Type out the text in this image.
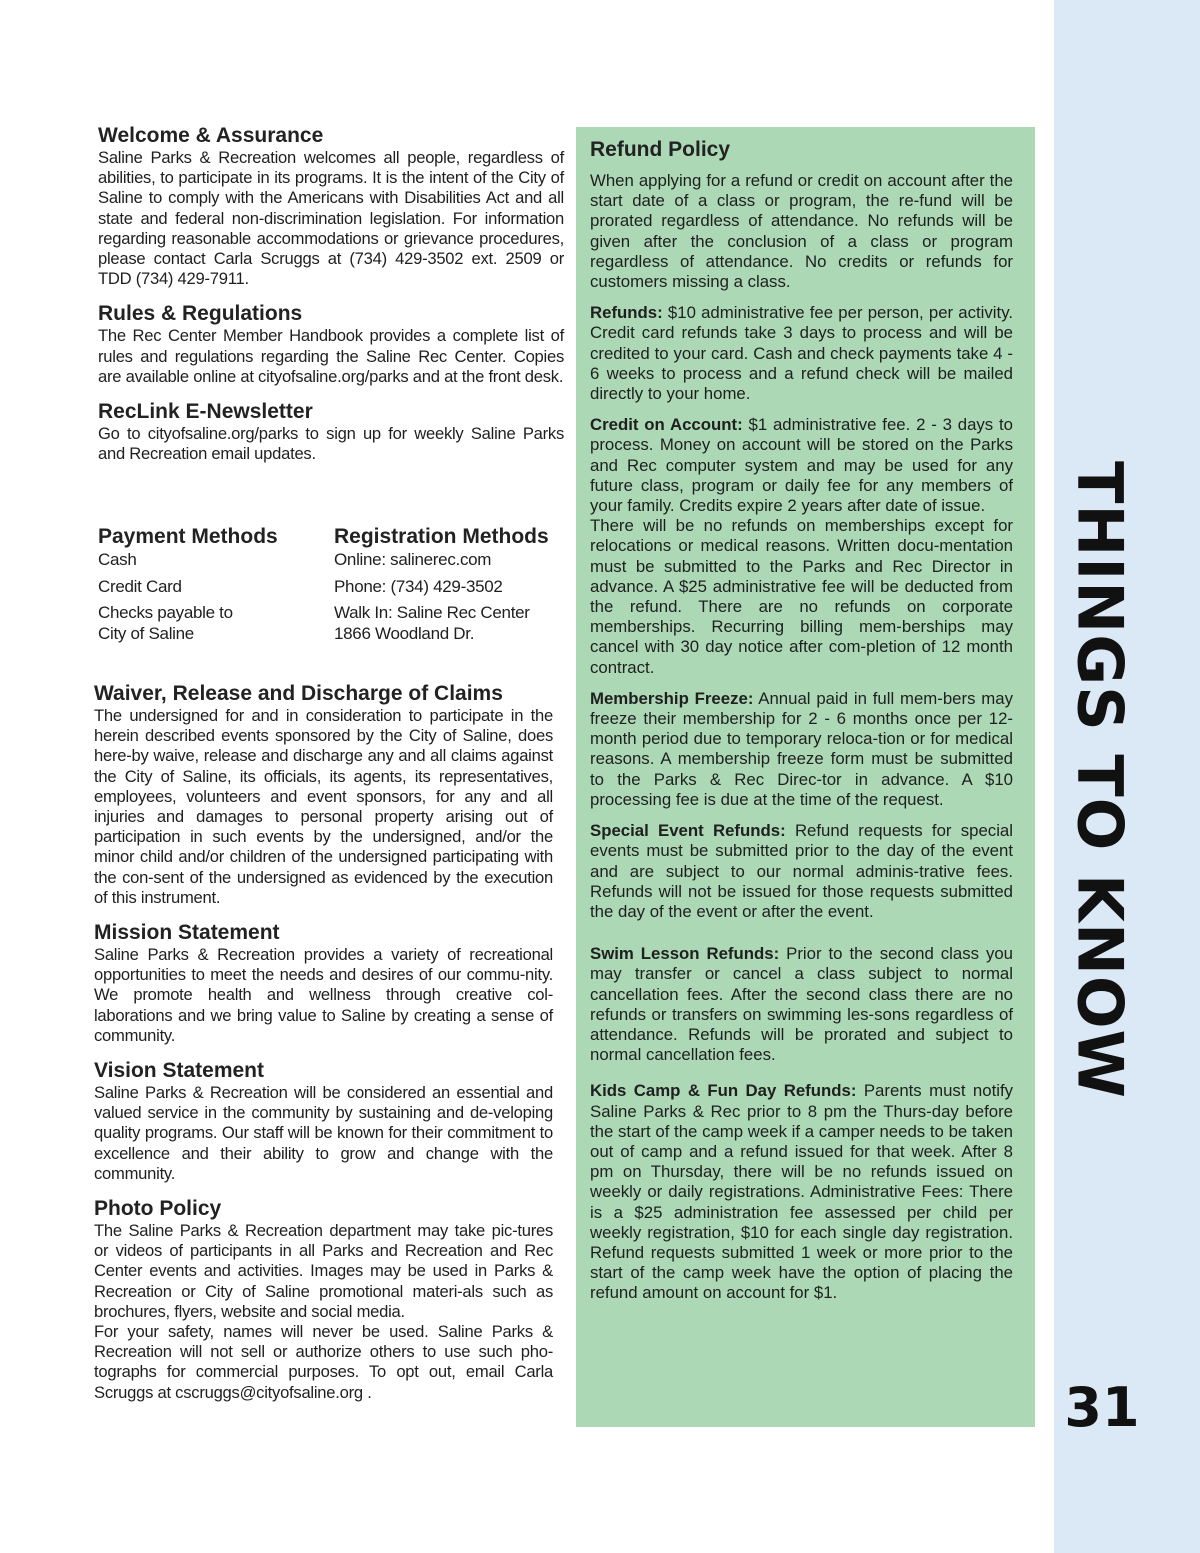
THINGS TO KNOW
31
Welcome & Assurance

Saline Parks & Recreation welcomes all people, regardless of abilities, to participate in its programs. It is the intent of the City of Saline to comply with the Americans with Disabilities Act and all state and federal non-discrimination legislation. For information regarding reasonable accommodations or grievance procedures, please contact Carla Scruggs at (734) 429-3502 ext. 2509 or TDD (734) 429-7911.

Rules & Regulations

The Rec Center Member Handbook provides a complete list of rules and regulations regarding the Saline Rec Center. Copies are available online at cityofsaline.org/parks and at the front desk.

RecLink E-Newsletter

Go to cityofsaline.org/parks to sign up for weekly Saline Parks and Recreation email updates.

Payment Methods
Cash
Credit Card
Checks payable to
City of Saline
Registration Methods
Online: salinerec.com
Phone: (734) 429-3502
Walk In: Saline Rec Center
1866 Woodland Dr.
Waiver, Release and Discharge of Claims

The undersigned for and in consideration to participate in the herein described events sponsored by the City of Saline, does here-by waive, release and discharge any and all claims against the City of Saline, its officials, its agents, its representatives, employees, volunteers and event sponsors, for any and all injuries and damages to personal property arising out of participation in such events by the undersigned, and/or the minor child and/or children of the undersigned participating with the con-sent of the undersigned as evidenced by the execution of this instrument.

Mission Statement

Saline Parks & Recreation provides a variety of recreational opportunities to meet the needs and desires of our commu-nity. We promote health and wellness through creative col-laborations and we bring value to Saline by creating a sense of community.

Vision Statement

Saline Parks & Recreation will be considered an essential and valued service in the community by sustaining and de-veloping quality programs. Our staff will be known for their commitment to excellence and their ability to grow and change with the community.

Photo Policy

The Saline Parks & Recreation department may take pic-tures or videos of participants in all Parks and Recreation and Rec Center events and activities. Images may be used in Parks & Recreation or City of Saline promotional materi-als such as brochures, flyers, website and social media.

For your safety, names will never be used. Saline Parks & Recreation will not sell or authorize others to use such pho-tographs for commercial purposes. To opt out, email Carla Scruggs at cscruggs@cityofsaline.org .

Refund Policy

When applying for a refund or credit on account after the start date of a class or program, the re-fund will be prorated regardless of attendance. No refunds will be given after the conclusion of a class or program regardless of attendance. No credits or refunds for customers missing a class.

Refunds: $10 administrative fee per person, per activity. Credit card refunds take 3 days to process and will be credited to your card. Cash and check payments take 4 - 6 weeks to process and a refund check will be mailed directly to your home.

Credit on Account: $1 administrative fee. 2 - 3 days to process. Money on account will be stored on the Parks and Rec computer system and may be used for any future class, program or daily fee for any members of your family. Credits expire 2 years after date of issue.

There will be no refunds on memberships except for relocations or medical reasons. Written docu-mentation must be submitted to the Parks and Rec Director in advance. A $25 administrative fee will be deducted from the refund. There are no refunds on corporate memberships. Recurring billing mem-berships may cancel with 30 day notice after com-pletion of 12 month contract.

Membership Freeze: Annual paid in full mem-bers may freeze their membership for 2 - 6 months once per 12-month period due to temporary reloca-tion or for medical reasons. A membership freeze form must be submitted to the Parks & Rec Direc-tor in advance. A $10 processing fee is due at the time of the request.

Special Event Refunds: Refund requests for special events must be submitted prior to the day of the event and are subject to our normal adminis-trative fees. Refunds will not be issued for those requests submitted the day of the event or after the event.

Swim Lesson Refunds: Prior to the second class you may transfer or cancel a class subject to normal cancellation fees. After the second class there are no refunds or transfers on swimming les-sons regardless of attendance. Refunds will be prorated and subject to normal cancellation fees.

Kids Camp & Fun Day Refunds: Parents must notify Saline Parks & Rec prior to 8 pm the Thurs-day before the start of the camp week if a camper needs to be taken out of camp and a refund issued for that week. After 8 pm on Thursday, there will be no refunds issued on weekly or daily registrations. Administrative Fees: There is a $25 administration fee assessed per child per weekly registration, $10 for each single day registration. Refund requests submitted 1 week or more prior to the start of the camp week have the option of placing the refund amount on account for $1.
